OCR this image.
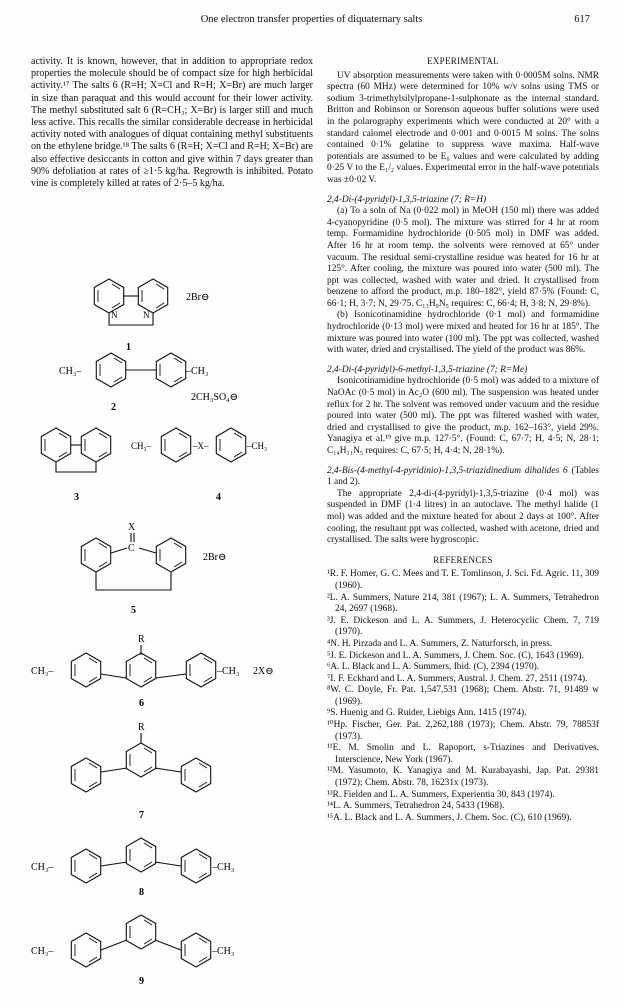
One electron transfer properties of diquaternary salts	617

activity. It is known, however, that in addition to appropriate redox properties the molecule should be of compact size for high herbicidal activity.¹⁷ The salts 6 (R=H; X=Cl and R=H; X=Br) are much larger in size than paraquat and this would account for their lower activity. The methyl substituted salt 6 (R=CH₃; X=Br) is larger still and much less active. This recalls the similar considerable decrease in herbicidal activity noted with analogues of diquat containing methyl substituents on the ethylene bridge.¹⁸ The salts 6 (R=H; X=Cl and R=H; X=Br) are also effective desiccants in cotton and give within 7 days greater than 90% defoliation at rates of ≥1·5 kg/ha. Regrowth is inhibited. Potato vine is completely killed at rates of 2·5–5 kg/ha.

N	N
2Br⊖
1
CH₃–	–CH₃
2CH₃SO₄⊖
2
3
CH₃–	–X–	–CH₃
4
X
C
2Br⊖
5
R
CH₃–	–CH₃ 2X⊖
6
R
7
CH₃–	–CH₃
8
CH₃–	–CH₃
9

EXPERIMENTAL

UV absorption measurements were taken with 0·0005M solns. NMR spectra (60 MHz) were determined for 10% w/v solns using TMS or sodium 3-trimethylsilylpropane-1-sulphonate as the internal standard. Britton and Robinson or Sorenson aqueous buffer solutions were used in the polarography experiments which were conducted at 20° with a standard calomel electrode and 0·001 and 0·0015 M solns. The solns contained 0·1% gelatine to suppress wave maxima. Half-wave potentials are assumed to be E₀ values and were calculated by adding 0·25 V to the E₁/₂ values. Experimental error in the half-wave potentials was ±0·02 V.

2,4-Di-(4-pyridyl)-1,3,5-triazine (7; R=H)

(a) To a soln of Na (0·022 mol) in MeOH (150 ml) there was added 4-cyanopyridine (0·5 mol). The mixture was stirred for 4 hr at room temp. Formamidine hydrochloride (0·505 mol) in DMF was added. After 16 hr at room temp. the solvents were removed at 65° under vacuum. The residual semi-crystalline residue was heated for 16 hr at 125°. After cooling, the mixture was poured into water (500 ml). The ppt was collected, washed with water and dried. It crystallised from benzene to afford the product, m.p. 180–182°, yield 87·5% (Found: C, 66·1; H, 3·7; N, 29·75. C₁₃H₉N₅ requires: C, 66·4; H, 3·8; N, 29·8%).

(b) Isonicotinamidine hydrochloride (0·1 mol) and formamidine hydrochloride (0·13 mol) were mixed and heated for 16 hr at 185°. The mixture was poured into water (100 ml). The ppt was collected, washed with water, dried and crystallised. The yield of the product was 86%.

2,4-Di-(4-pyridyl)-6-methyl-1,3,5-triazine (7; R=Me)

Isonicotinamidine hydrochloride (0·5 mol) was added to a mixture of NaOAc (0·5 mol) in Ac₂O (600 ml). The suspension was heated under reflux for 2 hr. The solvent was removed under vacuum and the residue poured into water (500 ml). The ppt was filtered washed with water, dried and crystallised to give the product, m.p. 162–163°, yield 29%. Yanagiya et al.¹⁹ give m.p. 127·5°. (Found: C, 67·7; H, 4·5; N, 28·1; C₁₄H₁₁N₅ requires: C, 67·5; H, 4·4; N, 28·1%).

2,4-Bis-(4-methyl-4-pyridinio)-1,3,5-triazidinedium dihalides 6 (Tables 1 and 2).

The appropriate 2,4-di-(4-pyridyl)-1,3,5-triazine (0·4 mol) was suspended in DMF (1·4 litres) in an autoclave. The methyl halide (1 mol) was added and the mixture heated for about 2 days at 100°. After cooling, the resultant ppt was collected, washed with acetone, dried and crystallised. The salts were hygroscopic.

REFERENCES

¹R. F. Homer, G. C. Mees and T. E. Tomlinson, J. Sci. Fd. Agric. 11, 309 (1960).

²L. A. Summers, Nature 214, 381 (1967); L. A. Summers, Tetrahedron 24, 2697 (1968).

³J. E. Dickeson and L. A. Summers, J. Heterocyclic Chem. 7, 719 (1970).

⁴N. H. Pirzada and L. A. Summers, Z. Naturforsch, in press.

⁵J. E. Dickeson and L. A. Summers, J. Chem. Soc. (C), 1643 (1969).

⁶A. L. Black and L. A. Summers, Ibid. (C), 2394 (1970).

⁷I. F. Eckhard and L. A. Summers, Austral. J. Chem. 27, 2511 (1974).

⁸W. C. Doyle, Fr. Pat. 1,547,531 (1968); Chem. Abstr. 71, 91489 w (1969).

⁹S. Huenig and G. Ruider, Liebigs Ann. 1415 (1974).

¹⁰Hp. Fischer, Ger. Pat. 2,262,188 (1973); Chem. Abstr. 79, 78853f (1973).

¹¹E. M. Smolin and L. Rapoport, s-Triazines and Derivatives. Interscience, New York (1967).

¹²M. Yasumoto, K. Yanagiya and M. Kurabayashi, Jap. Pat. 29381 (1972); Chem. Abstr. 78, 16231x (1973).

¹³R. Fielden and L. A. Summers, Experientia 30, 843 (1974).

¹⁴L. A. Summers, Tetrahedron 24, 5433 (1968).

¹⁵A. L. Black and L. A. Summers, J. Chem. Soc. (C), 610 (1969).
